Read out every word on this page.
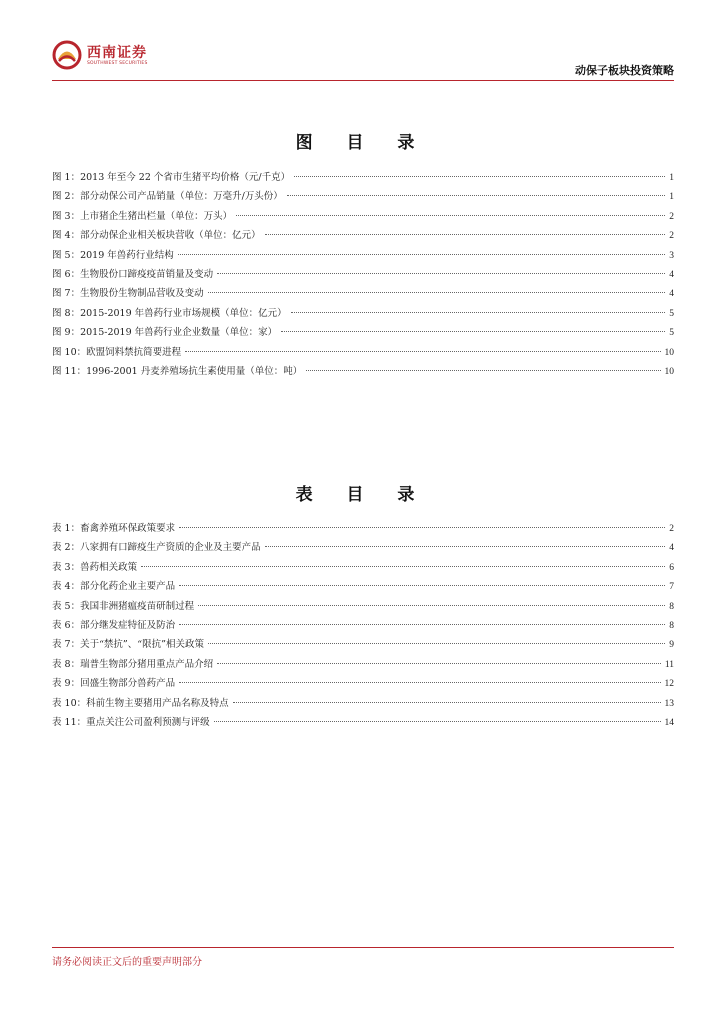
西南证券
SOUTHWEST SECURITIES
动保子板块投资策略
图 目 录
图 1：2013 年至今 22 个省市生猪平均价格（元/千克）	1
图 2：部分动保公司产品销量（单位：万毫升/万头份）	1
图 3：上市猪企生猪出栏量（单位：万头）	2
图 4：部分动保企业相关板块营收（单位：亿元）	2
图 5：2019 年兽药行业结构	3
图 6：生物股份口蹄疫疫苗销量及变动	4
图 7：生物股份生物制品营收及变动	4
图 8：2015-2019 年兽药行业市场规模（单位：亿元）	5
图 9：2015-2019 年兽药行业企业数量（单位：家）	5
图 10：欧盟饲料禁抗简要进程	10
图 11：1996-2001 丹麦养殖场抗生素使用量（单位：吨）	10
表 目 录
表 1：畜禽养殖环保政策要求	2
表 2：八家拥有口蹄疫生产资质的企业及主要产品	4
表 3：兽药相关政策	6
表 4：部分化药企业主要产品	7
表 5：我国非洲猪瘟疫苗研制过程	8
表 6：部分继发症特征及防治	8
表 7：关于“禁抗”、“限抗”相关政策	9
表 8：瑞普生物部分猪用重点产品介绍	11
表 9：回盛生物部分兽药产品	12
表 10：科前生物主要猪用产品名称及特点	13
表 11：重点关注公司盈利预测与评级	14
请务必阅读正文后的重要声明部分
